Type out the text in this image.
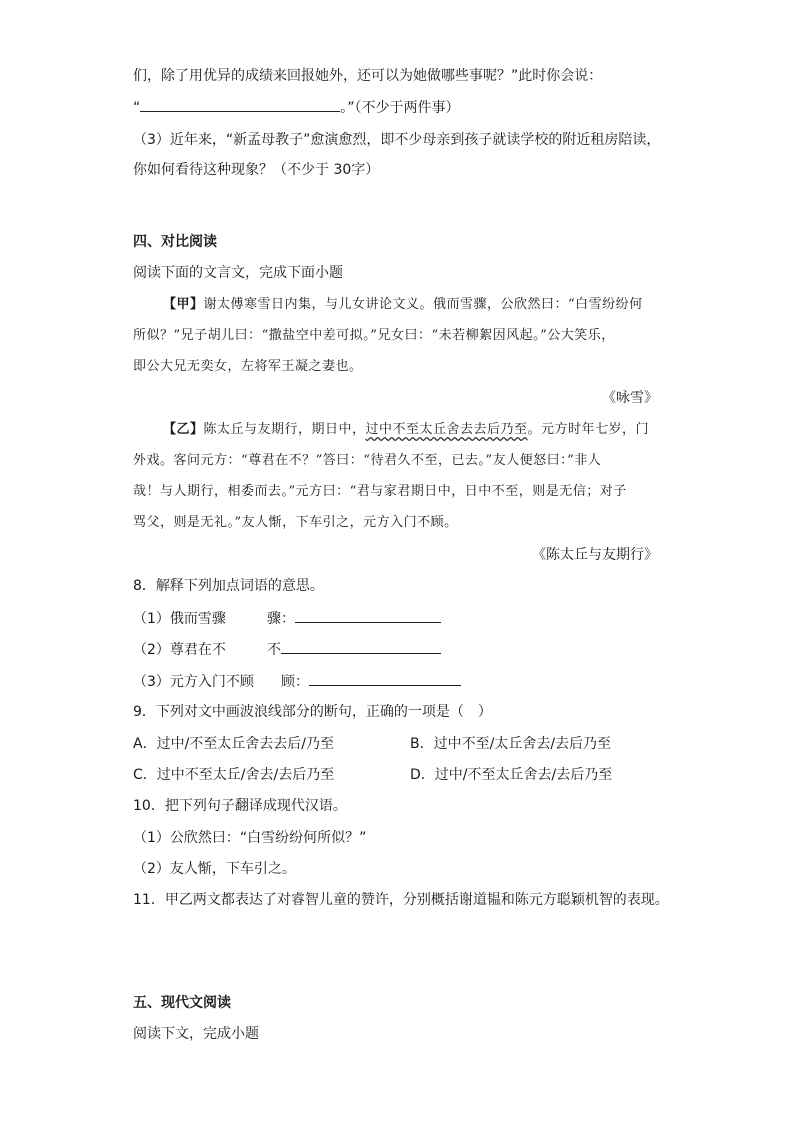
们，除了用优异的成绩来回报她外，还可以为她做哪些事呢？”此时你会说：
“	。”（不少于两件事）
（3）近年来，“新孟母教子”愈演愈烈，即不少母亲到孩子就读学校的附近租房陪读，
你如何看待这种现象？（不少于 30字）
四、对比阅读
阅读下面的文言文，完成下面小题
【甲】谢太傅寒雪日内集，与儿女讲论文义。俄而雪骤，公欣然曰：“白雪纷纷何
所似？”兄子胡儿曰：“撒盐空中差可拟。”兄女曰：“未若柳絮因风起。”公大笑乐，
即公大兄无奕女，左将军王凝之妻也。
《咏雪》
【乙】陈太丘与友期行，期日中，过中不至太丘舍去去后乃至。元方时年七岁，门
外戏。客问元方：“尊君在不？”答曰：“待君久不至，已去。”友人便怒曰：”非人
哉！与人期行，相委而去。”元方曰：“君与家君期日中，日中不至，则是无信；对子
骂父，则是无礼。”友人惭，下车引之，元方入门不顾。
《陈太丘与友期行》
8．解释下列加点词语的意思。
（1）俄而雪骤	骤：
（2）尊君在不	不
（3）元方入门不顾 顾：
9．下列对文中画波浪线部分的断句，正确的一项是（　）
A．过中/不至太丘舍去去后/乃至	B．过中不至/太丘舍去/去后乃至
C．过中不至太丘/舍去/去后乃至	D．过中/不至太丘舍去/去后乃至
10．把下列句子翻译成现代汉语。
（1）公欣然曰：“白雪纷纷何所似？”
（2）友人惭，下车引之。
11．甲乙两文都表达了对睿智儿童的赞许，分别概括谢道韫和陈元方聪颖机智的表现。
五、现代文阅读
阅读下文，完成小题
